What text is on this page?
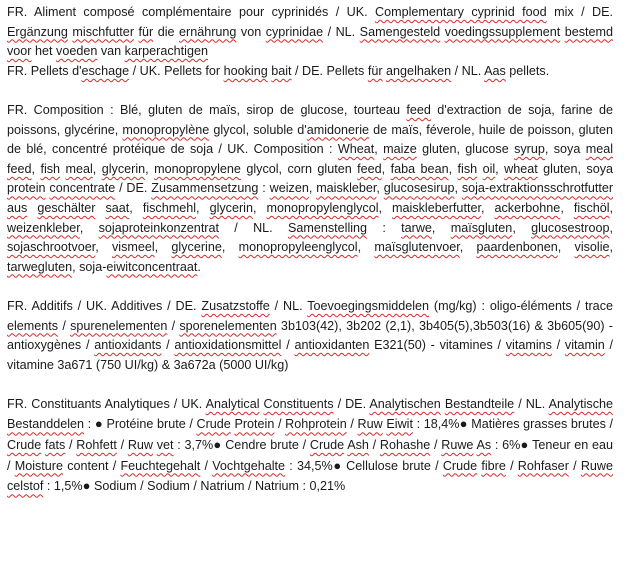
FR. Aliment composé complémentaire pour cyprinidés / UK. Complementary cyprinid food mix / DE. Ergänzung mischfutter für die ernährung von cyprinidae / NL. Samengesteld voedingssupplement bestemd voor het voeden van karperachtigen

FR. Pellets d'eschage / UK. Pellets for hooking bait / DE. Pellets für angelhaken / NL. Aas pellets.

FR. Composition : Blé, gluten de maïs, sirop de glucose, tourteau feed d'extraction de soja, farine de poissons, glycérine, monopropylène glycol, soluble d'amidonerie de maïs, féverole, huile de poisson, gluten de blé, concentré protéique de soja / UK. Composition : Wheat, maize gluten, glucose syrup, soya meal feed, fish meal, glycerin, monopropylene glycol, corn gluten feed, faba bean, fish oil, wheat gluten, soya protein concentrate / DE. Zusammensetzung : weizen, maiskleber, glucosesirup, soja-extraktionsschrotfutter aus geschälter saat, fischmehl, glycerin, monopropylenglycol, maiskleberfutter, ackerbohne, fischöl, weizenkleber, sojaproteinkonzentrat / NL. Samenstelling : tarwe, maïsgluten, glucosestroop, sojaschrootvoer, vismeel, glycerine, monopropyleenglycol, maïsglutenvoer, paardenbonen, visolie, tarwegluten, soja-eiwitconcentraat.

FR. Additifs / UK. Additives / DE. Zusatzstoffe / NL. Toevoegingsmiddelen (mg/kg) : oligo-éléments / trace elements / spurenelementen / sporenelementen 3b103(42), 3b202 (2,1), 3b405(5),3b503(16) & 3b605(90) - antioxygènes / antioxidants / antioxidationsmittel / antioxidanten E321(50) - vitamines / vitamins / vitamin / vitamine 3a671 (750 UI/kg) & 3a672a (5000 UI/kg)

FR. Constituants Analytiques / UK. Analytical Constituents / DE. Analytischen Bestandteile / NL. Analytische Bestanddelen : ● Protéine brute / Crude Protein / Rohprotein / Ruw Eiwit : 18,4%● Matières grasses brutes / Crude fats / Rohfett / Ruw vet : 3,7%● Cendre brute / Crude Ash / Rohashe / Ruwe As : 6%● Teneur en eau / Moisture content / Feuchtegehalt / Vochtgehalte : 34,5%● Cellulose brute / Crude fibre / Rohfaser / Ruwe celstof : 1,5%● Sodium / Sodium / Natrium / Natrium : 0,21%
